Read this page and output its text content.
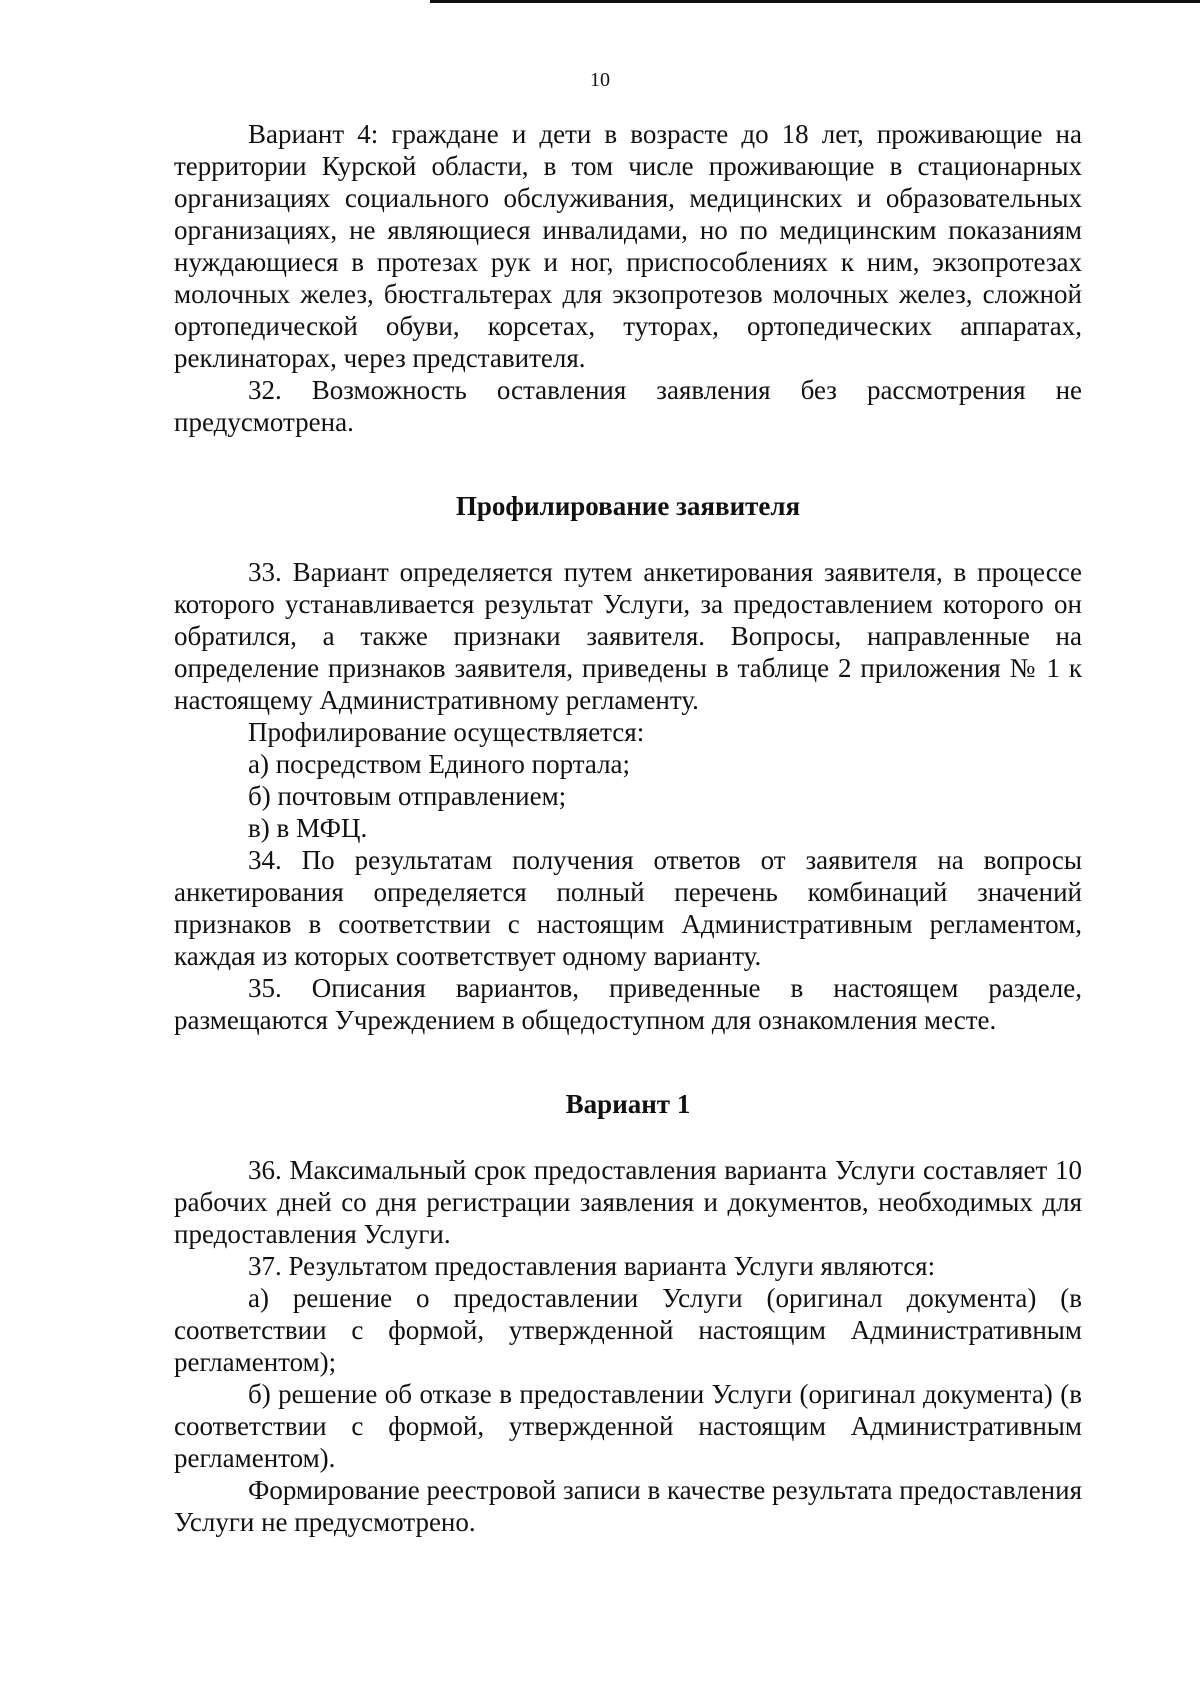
10

Вариант 4: граждане и дети в возрасте до 18 лет, проживающие на территории Курской области, в том числе проживающие в стационарных организациях социального обслуживания, медицинских и образовательных организациях, не являющиеся инвалидами, но по медицинским показаниям нуждающиеся в протезах рук и ног, приспособлениях к ним, экзопротезах молочных желез, бюстгальтерах для экзопротезов молочных желез, сложной ортопедической обуви, корсетах, туторах, ортопедических аппаратах, реклинаторах, через представителя.

32. Возможность оставления заявления без рассмотрения не предусмотрена.

Профилирование заявителя

33. Вариант определяется путем анкетирования заявителя, в процессе которого устанавливается результат Услуги, за предоставлением которого он обратился, а также признаки заявителя. Вопросы, направленные на определение признаков заявителя, приведены в таблице 2 приложения № 1 к настоящему Административному регламенту.

Профилирование осуществляется:

а) посредством Единого портала;

б) почтовым отправлением;

в) в МФЦ.

34. По результатам получения ответов от заявителя на вопросы анкетирования определяется полный перечень комбинаций значений признаков в соответствии с настоящим Административным регламентом, каждая из которых соответствует одному варианту.

35. Описания вариантов, приведенные в настоящем разделе, размещаются Учреждением в общедоступном для ознакомления месте.

Вариант 1

36. Максимальный срок предоставления варианта Услуги составляет 10 рабочих дней со дня регистрации заявления и документов, необходимых для предоставления Услуги.

37. Результатом предоставления варианта Услуги являются:

а) решение о предоставлении Услуги (оригинал документа) (в соответствии с формой, утвержденной настоящим Административным регламентом);

б) решение об отказе в предоставлении Услуги (оригинал документа) (в соответствии с формой, утвержденной настоящим Административным регламентом).

Формирование реестровой записи в качестве результата предоставления Услуги не предусмотрено.
